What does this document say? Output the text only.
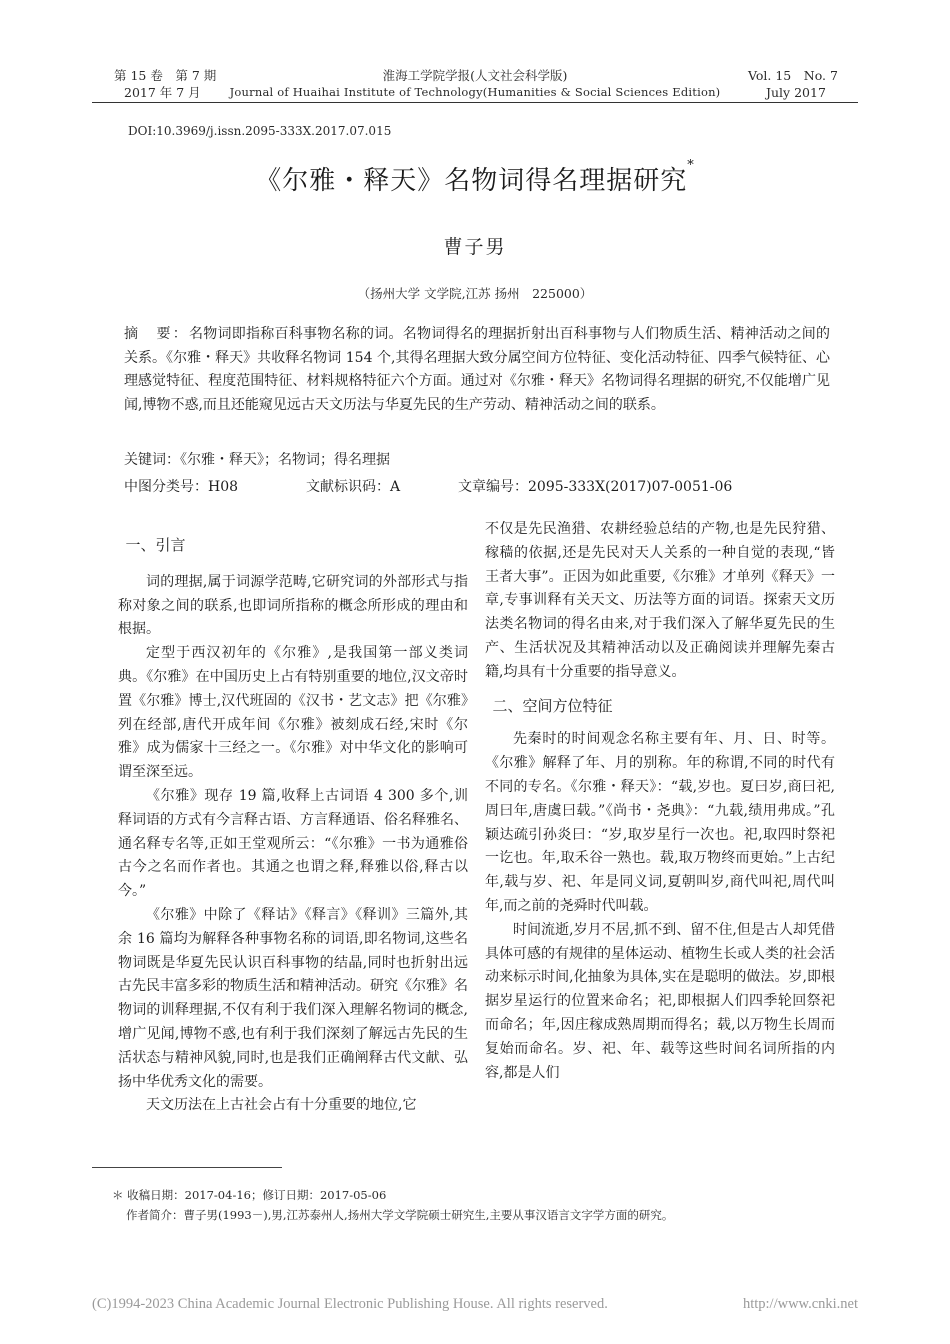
第 15 卷　第 7 期
2017 年 7 月
淮海工学院学报(人文社会科学版)
Journal of Huaihai Institute of Technology(Humanities & Social Sciences Edition)
Vol. 15　No. 7
July 2017
DOI:10.3969/j.issn.2095-333X.2017.07.015
《尔雅・释天》名物词得名理据研究*
曹子男
（扬州大学 文学院,江苏 扬州　225000）
摘　要：名物词即指称百科事物名称的词。名物词得名的理据折射出百科事物与人们物质生活、精神活动之间的关系。《尔雅・释天》共收释名物词 154 个,其得名理据大致分属空间方位特征、变化活动特征、四季气候特征、心理感觉特征、程度范围特征、材料规格特征六个方面。通过对《尔雅・释天》名物词得名理据的研究,不仅能增广见闻,博物不惑,而且还能窥见远古天文历法与华夏先民的生产劳动、精神活动之间的联系。
关键词：《尔雅・释天》；名物词；得名理据
中图分类号：H08	文献标识码：A	文章编号：2095-333X(2017)07-0051-06
一、引言

词的理据,属于词源学范畴,它研究词的外部形式与指称对象之间的联系,也即词所指称的概念所形成的理由和根据。

定型于西汉初年的《尔雅》,是我国第一部义类词典。《尔雅》在中国历史上占有特别重要的地位,汉文帝时置《尔雅》博士,汉代班固的《汉书・艺文志》把《尔雅》列在经部,唐代开成年间《尔雅》被刻成石经,宋时《尔雅》成为儒家十三经之一。《尔雅》对中华文化的影响可谓至深至远。

《尔雅》现存 19 篇,收释上古词语 4 300 多个,训释词语的方式有今言释古语、方言释通语、俗名释雅名、通名释专名等,正如王堂观所云：“《尔雅》一书为通雅俗古今之名而作者也。其通之也谓之释,释雅以俗,释古以今。”

《尔雅》中除了《释诂》《释言》《释训》三篇外,其余 16 篇均为解释各种事物名称的词语,即名物词,这些名物词既是华夏先民认识百科事物的结晶,同时也折射出远古先民丰富多彩的物质生活和精神活动。研究《尔雅》名物词的训释理据,不仅有利于我们深入理解名物词的概念,增广见闻,博物不惑,也有利于我们深刻了解远古先民的生活状态与精神风貌,同时,也是我们正确阐释古代文献、弘扬中华优秀文化的需要。

天文历法在上古社会占有十分重要的地位,它

不仅是先民渔猎、农耕经验总结的产物,也是先民狩猎、稼穑的依据,还是先民对天人关系的一种自觉的表现,“皆王者大事”。正因为如此重要,《尔雅》才单列《释天》一章,专事训释有关天文、历法等方面的词语。探索天文历法类名物词的得名由来,对于我们深入了解华夏先民的生产、生活状况及其精神活动以及正确阅读并理解先秦古籍,均具有十分重要的指导意义。

二、空间方位特征

先秦时的时间观念名称主要有年、月、日、时等。《尔雅》解释了年、月的别称。年的称谓,不同的时代有不同的专名。《尔雅・释天》：“载,岁也。夏曰岁,商曰祀,周曰年,唐虞曰载。”《尚书・尧典》：“九载,绩用弗成。”孔颖达疏引孙炎曰：“岁,取岁星行一次也。祀,取四时祭祀一讫也。年,取禾谷一熟也。载,取万物终而更始。”上古纪年,载与岁、祀、年是同义词,夏朝叫岁,商代叫祀,周代叫年,而之前的尧舜时代叫载。

时间流逝,岁月不居,抓不到、留不住,但是古人却凭借具体可感的有规律的星体运动、植物生长或人类的社会活动来标示时间,化抽象为具体,实在是聪明的做法。岁,即根据岁星运行的位置来命名；祀,即根据人们四季轮回祭祀而命名；年,因庄稼成熟周期而得名；载,以万物生长周而复始而命名。岁、祀、年、载等这些时间名词所指的内容,都是人们

＊ 收稿日期：2017-04-16；修订日期：2017-05-06
作者简介：曹子男(1993－),男,江苏泰州人,扬州大学文学院硕士研究生,主要从事汉语言文字学方面的研究。
(C)1994-2023 China Academic Journal Electronic Publishing House. All rights reserved.	http://www.cnki.net
